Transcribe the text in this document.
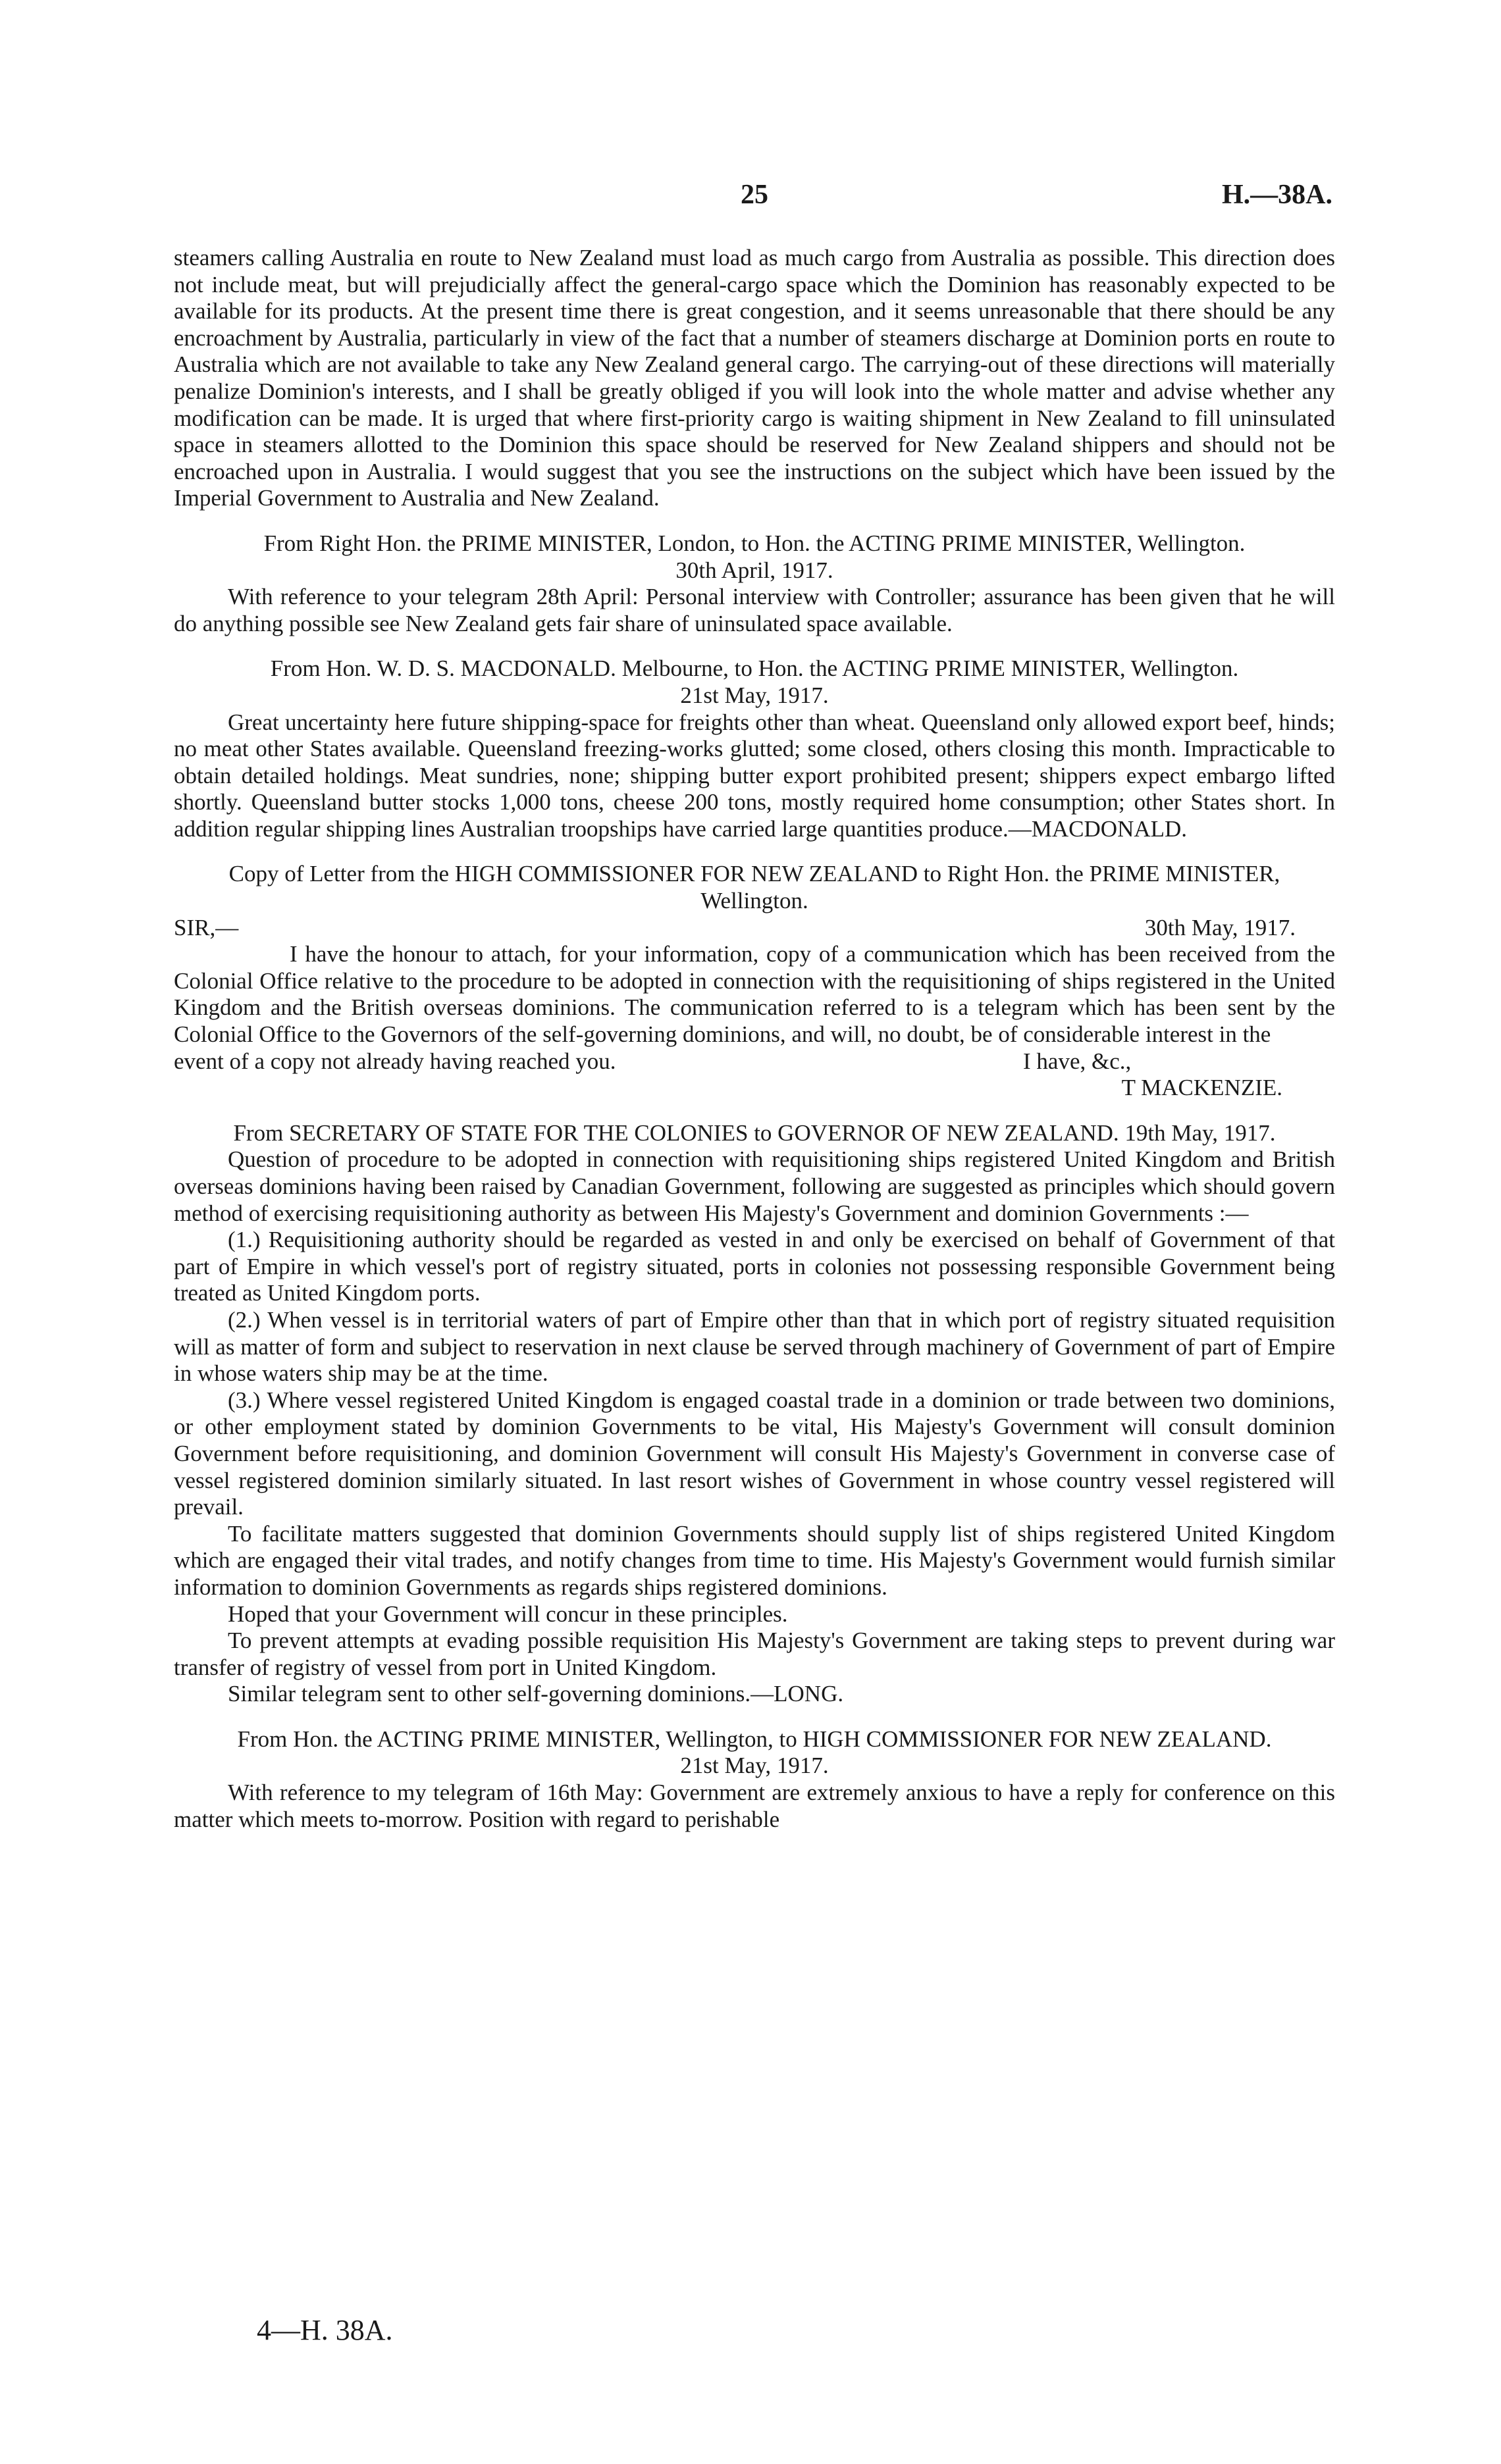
25	H.—38A.

steamers calling Australia en route to New Zealand must load as much cargo from Australia as possible. This direction does not include meat, but will prejudicially affect the general-cargo space which the Dominion has reasonably expected to be available for its products. At the present time there is great congestion, and it seems unreasonable that there should be any encroachment by Australia, particularly in view of the fact that a number of steamers discharge at Dominion ports en route to Australia which are not available to take any New Zealand general cargo. The carrying-out of these directions will materially penalize Dominion's interests, and I shall be greatly obliged if you will look into the whole matter and advise whether any modification can be made. It is urged that where first-priority cargo is waiting shipment in New Zealand to fill uninsulated space in steamers allotted to the Dominion this space should be reserved for New Zealand shippers and should not be encroached upon in Australia. I would suggest that you see the instructions on the subject which have been issued by the Imperial Government to Australia and New Zealand.

From Right Hon. the PRIME MINISTER, London, to Hon. the ACTING PRIME MINISTER, Wellington.

30th April, 1917.

With reference to your telegram 28th April: Personal interview with Controller; assurance has been given that he will do anything possible see New Zealand gets fair share of uninsulated space available.

From Hon. W. D. S. MACDONALD. Melbourne, to Hon. the ACTING PRIME MINISTER, Wellington.

21st May, 1917.

Great uncertainty here future shipping-space for freights other than wheat. Queensland only allowed export beef, hinds; no meat other States available. Queensland freezing-works glutted; some closed, others closing this month. Impracticable to obtain detailed holdings. Meat sundries, none; shipping butter export prohibited present; shippers expect embargo lifted shortly. Queensland butter stocks 1,000 tons, cheese 200 tons, mostly required home consumption; other States short. In addition regular shipping lines Australian troopships have carried large quantities produce.—MACDONALD.

Copy of Letter from the HIGH COMMISSIONER FOR NEW ZEALAND to Right Hon. the PRIME MINISTER, Wellington.

SIR,—	30th May, 1917.

I have the honour to attach, for your information, copy of a communication which has been received from the Colonial Office relative to the procedure to be adopted in connection with the requisitioning of ships registered in the United Kingdom and the British overseas dominions. The communication referred to is a telegram which has been sent by the Colonial Office to the Governors of the self-governing dominions, and will, no doubt, be of considerable interest in the

event of a copy not already having reached you.	I have, &c.,
T MACKENZIE.

From SECRETARY OF STATE FOR THE COLONIES to GOVERNOR OF NEW ZEALAND. 19th May, 1917.

Question of procedure to be adopted in connection with requisitioning ships registered United Kingdom and British overseas dominions having been raised by Canadian Government, following are suggested as principles which should govern method of exercising requisitioning authority as between His Majesty's Government and dominion Governments :—

(1.) Requisitioning authority should be regarded as vested in and only be exercised on behalf of Government of that part of Empire in which vessel's port of registry situated, ports in colonies not possessing responsible Government being treated as United Kingdom ports.

(2.) When vessel is in territorial waters of part of Empire other than that in which port of registry situated requisition will as matter of form and subject to reservation in next clause be served through machinery of Government of part of Empire in whose waters ship may be at the time.

(3.) Where vessel registered United Kingdom is engaged coastal trade in a dominion or trade between two dominions, or other employment stated by dominion Governments to be vital, His Majesty's Government will consult dominion Government before requisitioning, and dominion Government will consult His Majesty's Government in converse case of vessel registered dominion similarly situated. In last resort wishes of Government in whose country vessel registered will prevail.

To facilitate matters suggested that dominion Governments should supply list of ships registered United Kingdom which are engaged their vital trades, and notify changes from time to time. His Majesty's Government would furnish similar information to dominion Governments as regards ships registered dominions.

Hoped that your Government will concur in these principles.

To prevent attempts at evading possible requisition His Majesty's Government are taking steps to prevent during war transfer of registry of vessel from port in United Kingdom.

Similar telegram sent to other self-governing dominions.—LONG.

From Hon. the ACTING PRIME MINISTER, Wellington, to HIGH COMMISSIONER FOR NEW ZEALAND.

21st May, 1917.

With reference to my telegram of 16th May: Government are extremely anxious to have a reply for conference on this matter which meets to-morrow. Position with regard to perishable

4—H. 38A.
